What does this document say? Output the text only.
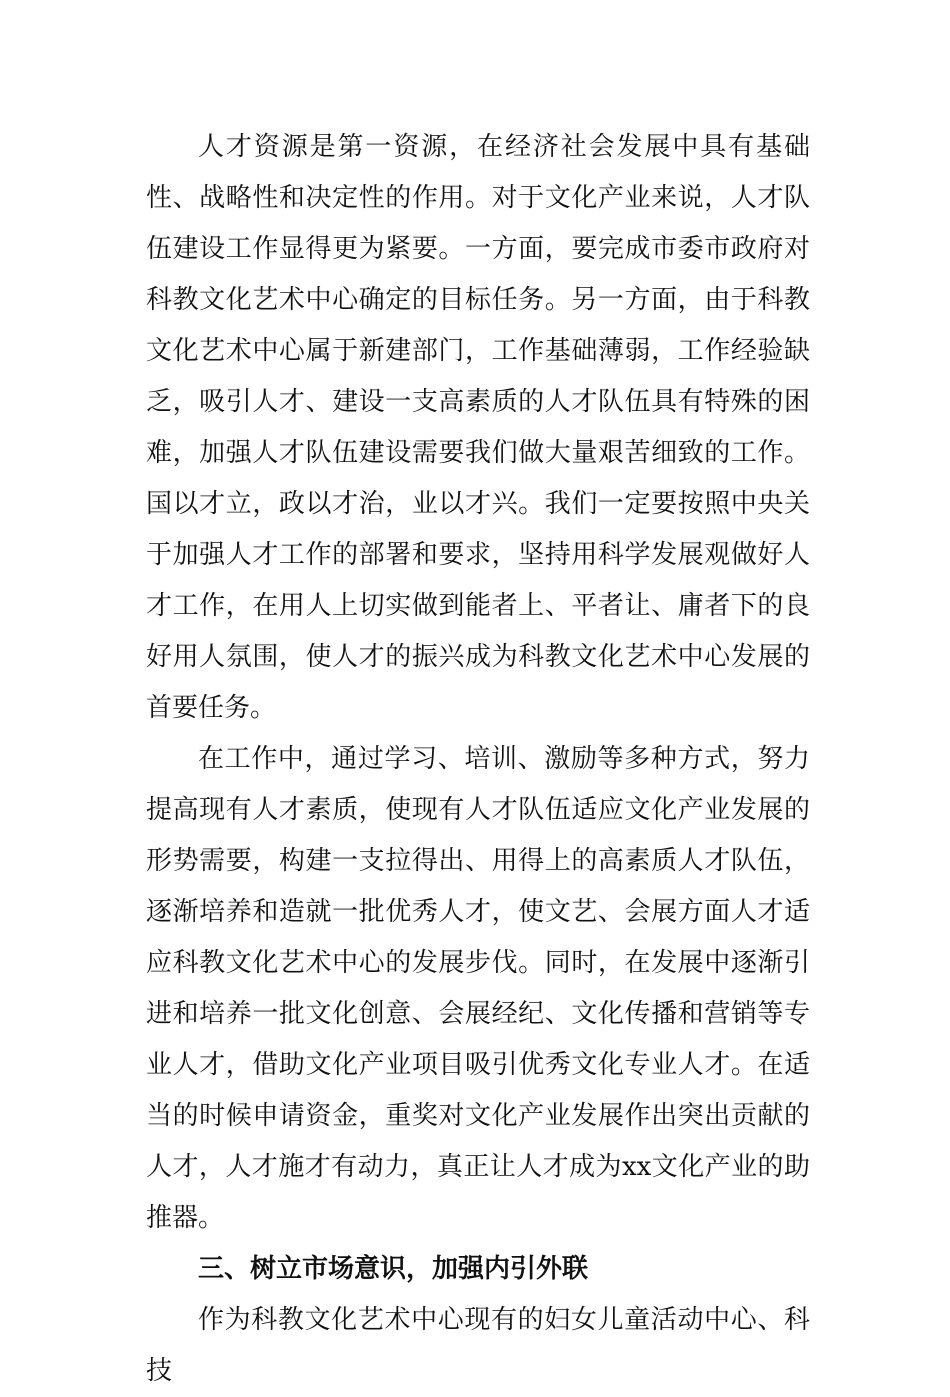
人才资源是第一资源，在经济社会发展中具有基础性、战略性和决定性的作用。对于文化产业来说，人才队伍建设工作显得更为紧要。一方面，要完成市委市政府对科教文化艺术中心确定的目标任务。另一方面，由于科教文化艺术中心属于新建部门，工作基础薄弱，工作经验缺乏，吸引人才、建设一支高素质的人才队伍具有特殊的困难，加强人才队伍建设需要我们做大量艰苦细致的工作。国以才立，政以才治，业以才兴。我们一定要按照中央关于加强人才工作的部署和要求，坚持用科学发展观做好人才工作，在用人上切实做到能者上、平者让、庸者下的良好用人氛围，使人才的振兴成为科教文化艺术中心发展的首要任务。

在工作中，通过学习、培训、激励等多种方式，努力提高现有人才素质，使现有人才队伍适应文化产业发展的形势需要，构建一支拉得出、用得上的高素质人才队伍，逐渐培养和造就一批优秀人才，使文艺、会展方面人才适应科教文化艺术中心的发展步伐。同时，在发展中逐渐引进和培养一批文化创意、会展经纪、文化传播和营销等专业人才，借助文化产业项目吸引优秀文化专业人才。在适当的时候申请资金，重奖对文化产业发展作出突出贡献的人才，人才施才有动力，真正让人才成为xx文化产业的助推器。

三、树立市场意识，加强内引外联

作为科教文化艺术中心现有的妇女儿童活动中心、科技
